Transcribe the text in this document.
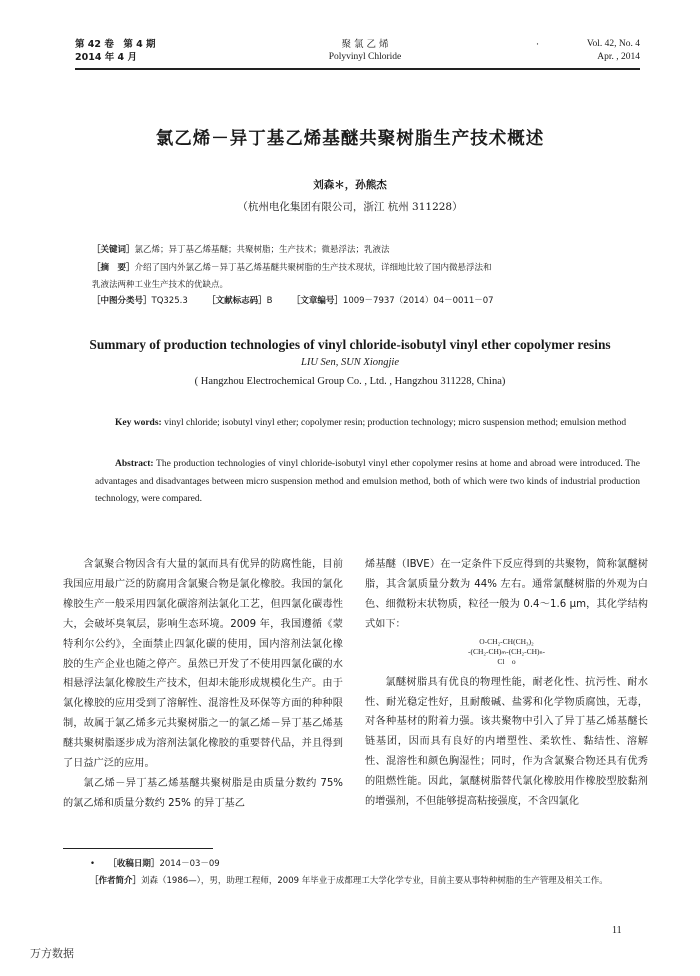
第 42 卷　第 4 期
2014 年 4 月
聚 氯 乙 烯
Polyvinyl Chloride
·	Vol. 42, No. 4
Apr. , 2014
氯乙烯－异丁基乙烯基醚共聚树脂生产技术概述
刘森＊，孙熊杰
（杭州电化集团有限公司，浙江 杭州 311228）
［关键词］氯乙烯；异丁基乙烯基醚；共聚树脂；生产技术；微悬浮法；乳液法
［摘　要］介绍了国内外氯乙烯－异丁基乙烯基醚共聚树脂的生产技术现状，详细地比较了国内微悬浮法和
乳液法两种工业生产技术的优缺点。
［中图分类号］TQ325.3 ［文献标志码］B ［文章编号］1009－7937（2014）04－0011－07
Summary of production technologies of vinyl chloride-isobutyl vinyl ether copolymer resins
LIU Sen, SUN Xiongjie
( Hangzhou Electrochemical Group Co. , Ltd. , Hangzhou 311228, China)
Key words: vinyl chloride; isobutyl vinyl ether; copolymer resin; production technology; micro suspension method; emulsion method
Abstract: The production technologies of vinyl chloride-isobutyl vinyl ether copolymer resins at home and abroad were introduced. The advantages and disadvantages between micro suspension method and emulsion method, both of which were two kinds of industrial production technology, were compared.

含氯聚合物因含有大量的氯而具有优异的防腐性能，目前我国应用最广泛的防腐用含氯聚合物是氯化橡胶。我国的氯化橡胶生产一般采用四氯化碳溶剂法氯化工艺，但四氯化碳毒性大，会破坏臭氧层，影响生态环境。2009 年，我国遵循《蒙特利尔公约》，全面禁止四氯化碳的使用，国内溶剂法氯化橡胶的生产企业也随之停产。虽然已开发了不使用四氯化碳的水相悬浮法氯化橡胶生产技术，但却未能形成规模化生产。由于氯化橡胶的应用受到了溶解性、混溶性及环保等方面的种种限制，故属于氯乙烯多元共聚树脂之一的氯乙烯－异丁基乙烯基醚共聚树脂逐步成为溶剂法氯化橡胶的重要替代品，并且得到了日益广泛的应用。

氯乙烯－异丁基乙烯基醚共聚树脂是由质量分数约 75% 的氯乙烯和质量分数约 25% 的异丁基乙

烯基醚（IBVE）在一定条件下反应得到的共聚物，简称氯醚树脂，其含氯质量分数为 44% 左右。通常氯醚树脂的外观为白色、细微粉末状物质，粒径一般为 0.4～1.6 μm，其化学结构式如下：

O-CH₂-CH(CH₃)₂
-(CH₂-CH)ₘ-(CH₂-CH)ₙ-
Cl　o

氯醚树脂具有优良的物理性能，耐老化性、抗污性、耐水性、耐光稳定性好，且耐酸碱、盐雾和化学物质腐蚀，无毒，对各种基材的附着力强。该共聚物中引入了异丁基乙烯基醚长链基团，因而具有良好的内增塑性、柔软性、黏结性、溶解性、混溶性和颜色胸湿性；同时，作为含氯聚合物还具有优秀的阻燃性能。因此，氯醚树脂替代氯化橡胶用作橡胶型胶黏剂的增强剂，不但能够提高粘接强度，不含四氯化

• ［收稿日期］2014－03－09
［作者简介］刘森（1986—），男，助理工程师，2009 年毕业于成都理工大学化学专业，目前主要从事特种树脂的生产管理及相关工作。
11
万方数据
